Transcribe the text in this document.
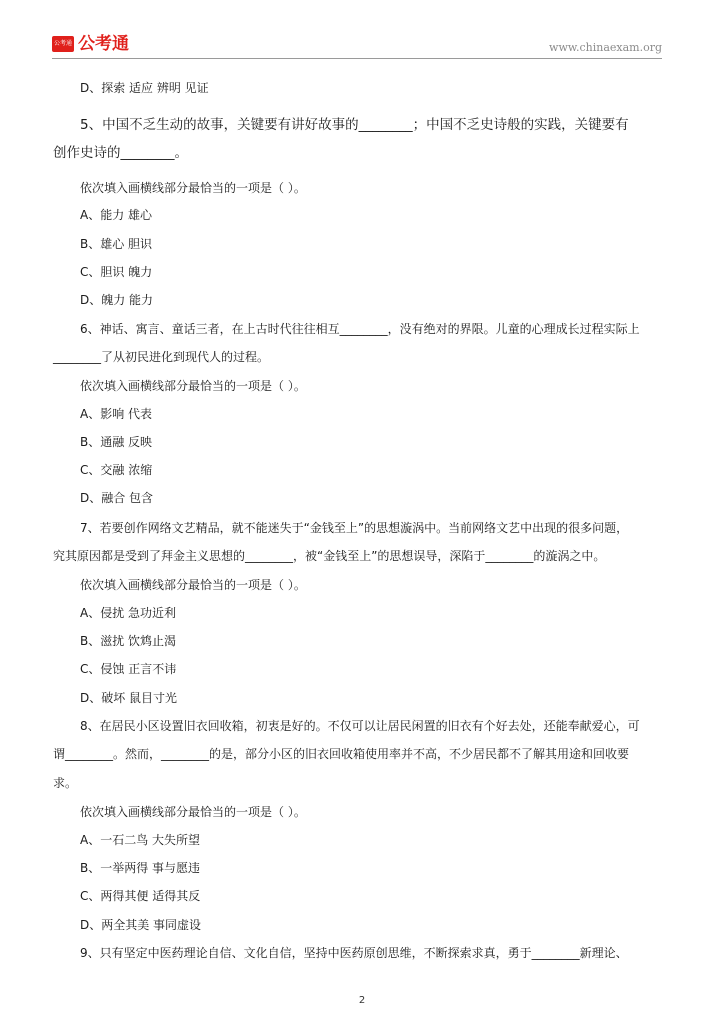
公考通 公考通	www.chinaexam.org
D、探索 适应 辨明 见证
5、中国不乏生动的故事，关键要有讲好故事的________；中国不乏史诗般的实践，关键要有
创作史诗的________。
依次填入画横线部分最恰当的一项是（ ）。
A、能力 雄心
B、雄心 胆识
C、胆识 魄力
D、魄力 能力
6、神话、寓言、童话三者，在上古时代往往相互________，没有绝对的界限。儿童的心理成长过程实际上
________了从初民进化到现代人的过程。
依次填入画横线部分最恰当的一项是（ ）。
A、影响 代表
B、通融 反映
C、交融 浓缩
D、融合 包含
7、若要创作网络文艺精品，就不能迷失于“金钱至上”的思想漩涡中。当前网络文艺中出现的很多问题，
究其原因都是受到了拜金主义思想的________，被“金钱至上”的思想误导，深陷于________的漩涡之中。
依次填入画横线部分最恰当的一项是（ ）。
A、侵扰 急功近利
B、滋扰 饮鸩止渴
C、侵蚀 正言不讳
D、破坏 鼠目寸光
8、在居民小区设置旧衣回收箱，初衷是好的。不仅可以让居民闲置的旧衣有个好去处，还能奉献爱心，可
谓________。然而，________的是，部分小区的旧衣回收箱使用率并不高，不少居民都不了解其用途和回收要
求。
依次填入画横线部分最恰当的一项是（ ）。
A、一石二鸟 大失所望
B、一举两得 事与愿违
C、两得其便 适得其反
D、两全其美 事同虚设
9、只有坚定中医药理论自信、文化自信，坚持中医药原创思维，不断探索求真，勇于________新理论、
2
